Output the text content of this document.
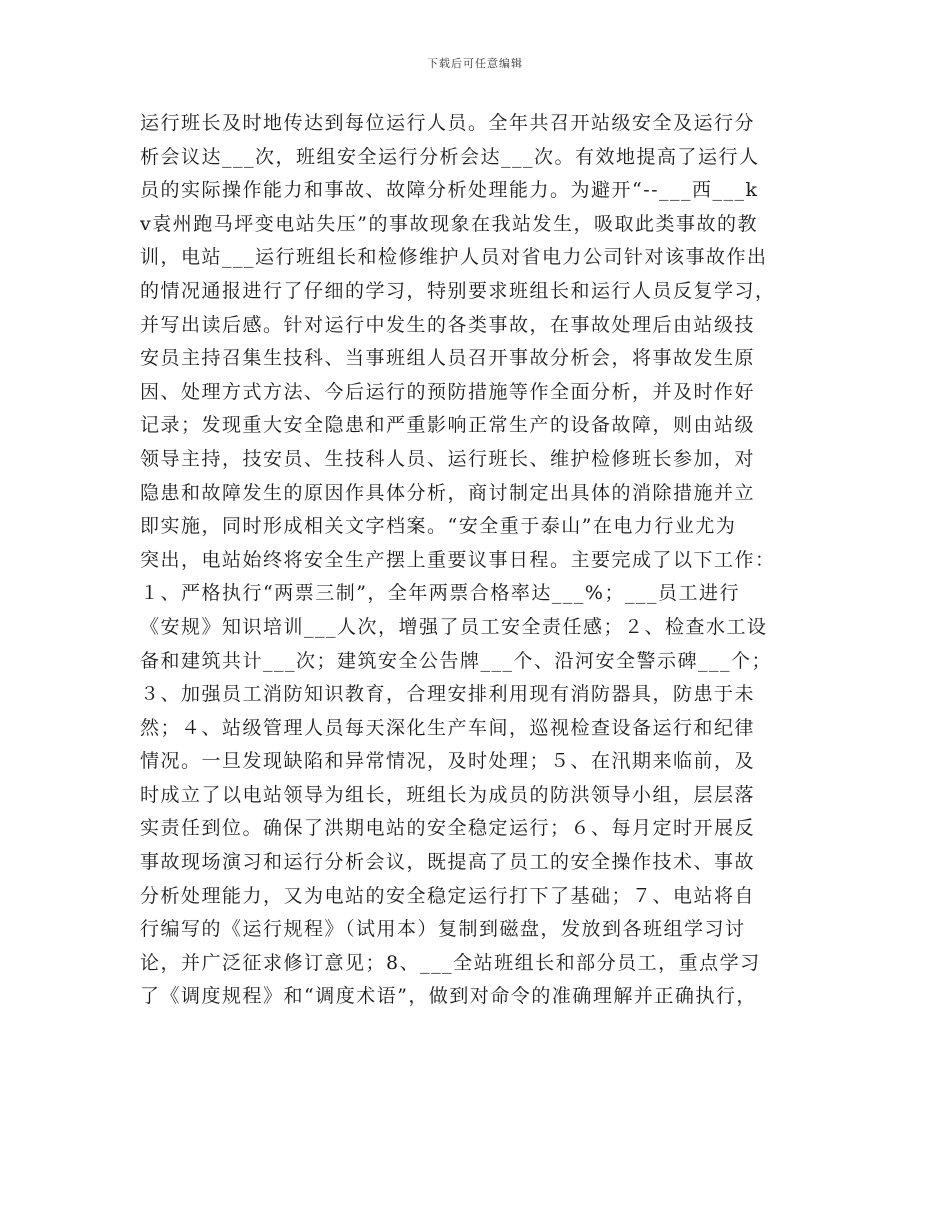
下载后可任意编辑
运行班长及时地传达到每位运行人员。全年共召开站级安全及运行分
析会议达___次，班组安全运行分析会达___次。有效地提高了运行人
员的实际操作能力和事故、故障分析处理能力。为避开“--___西___k
v袁州跑马坪变电站失压”的事故现象在我站发生，吸取此类事故的教
训，电站___运行班组长和检修维护人员对省电力公司针对该事故作出
的情况通报进行了仔细的学习，特别要求班组长和运行人员反复学习，
并写出读后感。针对运行中发生的各类事故，在事故处理后由站级技
安员主持召集生技科、当事班组人员召开事故分析会，将事故发生原
因、处理方式方法、今后运行的预防措施等作全面分析，并及时作好
记录；发现重大安全隐患和严重影响正常生产的设备故障，则由站级
领导主持，技安员、生技科人员、运行班长、维护检修班长参加，对
隐患和故障发生的原因作具体分析，商讨制定出具体的消除措施并立
即实施，同时形成相关文字档案。“安全重于泰山”在电力行业尤为
突出，电站始终将安全生产摆上重要议事日程。主要完成了以下工作：
１、严格执行“两票三制”，全年两票合格率达___%；___员工进行
《安规》知识培训___人次，增强了员工安全责任感；２、检查水工设
备和建筑共计___次；建筑安全公告牌___个、沿河安全警示碑___个；
３、加强员工消防知识教育，合理安排利用现有消防器具，防患于未
然；４、站级管理人员每天深化生产车间，巡视检查设备运行和纪律
情况。一旦发现缺陷和异常情况，及时处理；５、在汛期来临前，及
时成立了以电站领导为组长，班组长为成员的防洪领导小组，层层落
实责任到位。确保了洪期电站的安全稳定运行；６、每月定时开展反
事故现场演习和运行分析会议，既提高了员工的安全操作技术、事故
分析处理能力，又为电站的安全稳定运行打下了基础；７、电站将自
行编写的《运行规程》（试用本）复制到磁盘，发放到各班组学习讨
论，并广泛征求修订意见；8、___全站班组长和部分员工，重点学习
了《调度规程》和“调度术语”，做到对命令的准确理解并正确执行，
